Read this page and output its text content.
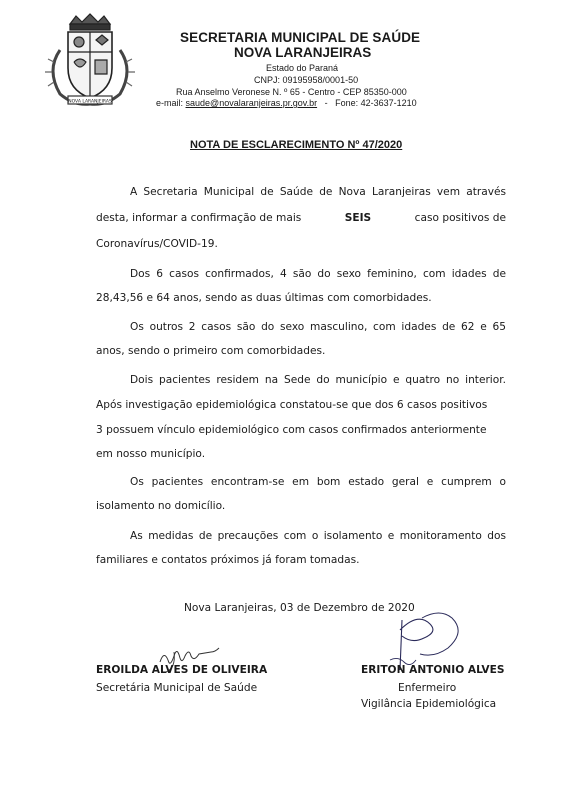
NOVA LARANJEIRAS
SECRETARIA MUNICIPAL DE SAÚDE
NOVA LARANJEIRAS
Estado do Paraná
CNPJ: 09195958/0001-50
Rua Anselmo Veronese N. º 65 - Centro - CEP 85350-000
e-mail: saude@novalaranjeiras.pr.gov.br - Fone: 42-3637-1210
NOTA DE ESCLARECIMENTO Nº 47/2020
A Secretaria Municipal de Saúde de Nova Laranjeiras vem através
desta, informar a confirmação de mais	SEIS	caso positivos de
Coronavírus/COVID-19.
Dos 6 casos confirmados, 4 são do sexo feminino, com idades de
28,43,56 e 64 anos, sendo as duas últimas com comorbidades.
Os outros 2 casos são do sexo masculino, com idades de 62 e 65
anos, sendo o primeiro com comorbidades.
Dois pacientes residem na Sede do município e quatro no interior.
Após investigação epidemiológica constatou-se que dos 6 casos positivos
3 possuem vínculo epidemiológico com casos confirmados anteriormente
em nosso município.
Os pacientes encontram-se em bom estado geral e cumprem o
isolamento no domicílio.
As medidas de precauções com o isolamento e monitoramento dos
familiares e contatos próximos já foram tomadas.
Nova Laranjeiras, 03 de Dezembro de 2020
EROILDA ALVES DE OLIVEIRA
Secretária Municipal de Saúde
ERITON ANTONIO ALVES
Enfermeiro
Vigilância Epidemiológica
